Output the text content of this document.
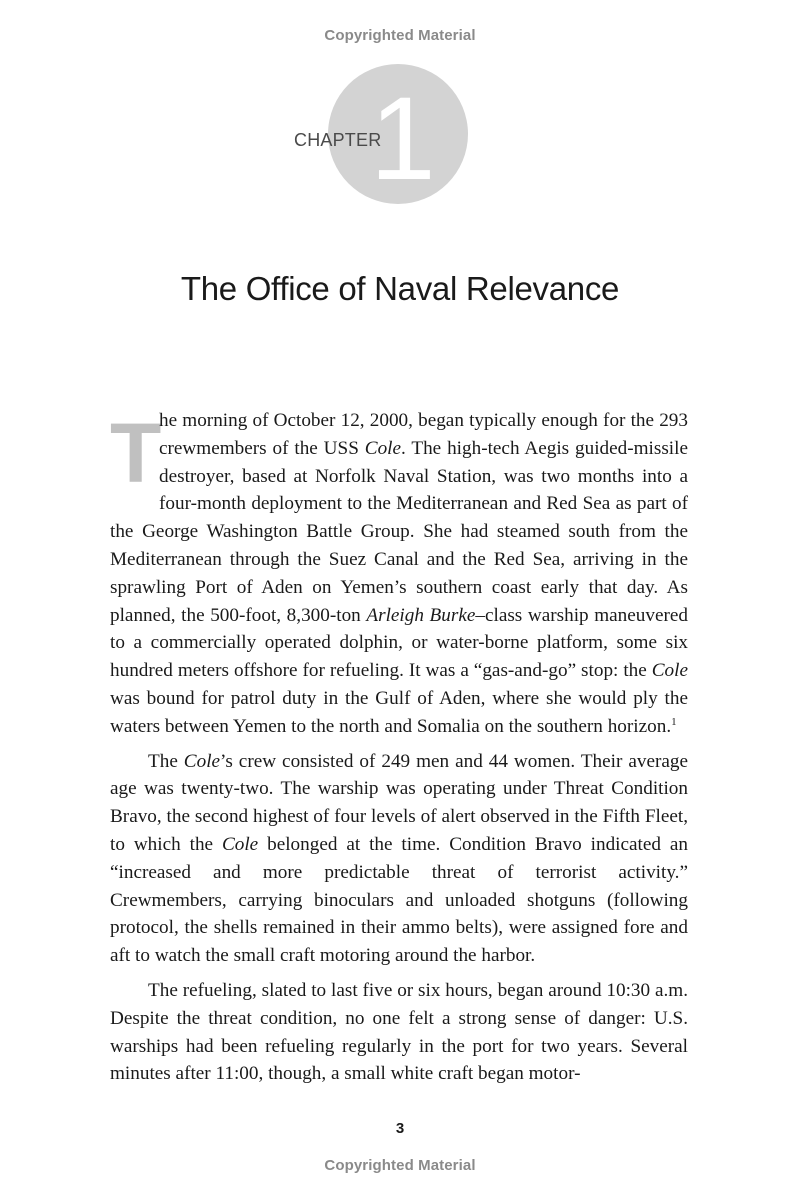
Copyrighted Material
CHAPTER
1
The Office of Naval Relevance

T
he morning of October 12, 2000, began typically enough for the 293 crewmembers of the USS Cole. The high-tech Aegis guided-missile destroyer, based at Norfolk Naval Station, was two months into a four-month deployment to the Mediterranean and Red Sea as part of the George Washington Battle Group. She had steamed south from the Mediterranean through the Suez Canal and the Red Sea, arriving in the sprawling Port of Aden on Yemen’s southern coast early that day. As planned, the 500-foot, 8,300-ton Arleigh Burke–class warship maneuvered to a commercially operated dolphin, or water-borne platform, some six hundred meters offshore for refueling. It was a “gas-and-go” stop: the Cole was bound for patrol duty in the Gulf of Aden, where she would ply the waters between Yemen to the north and Somalia on the southern horizon.$^1$

The Cole’s crew consisted of 249 men and 44 women. Their average age was twenty-two. The warship was operating under Threat Condition Bravo, the second highest of four levels of alert observed in the Fifth Fleet, to which the Cole belonged at the time. Condition Bravo indicated an “increased and more predictable threat of terrorist activity.” Crewmembers, carrying binoculars and unloaded shotguns (following protocol, the shells remained in their ammo belts), were assigned fore and aft to watch the small craft motoring around the harbor.

The refueling, slated to last five or six hours, began around 10:30 a.m. Despite the threat condition, no one felt a strong sense of danger: U.S. warships had been refueling regularly in the port for two years. Several minutes after 11:00, though, a small white craft began motor-

3
Copyrighted Material
